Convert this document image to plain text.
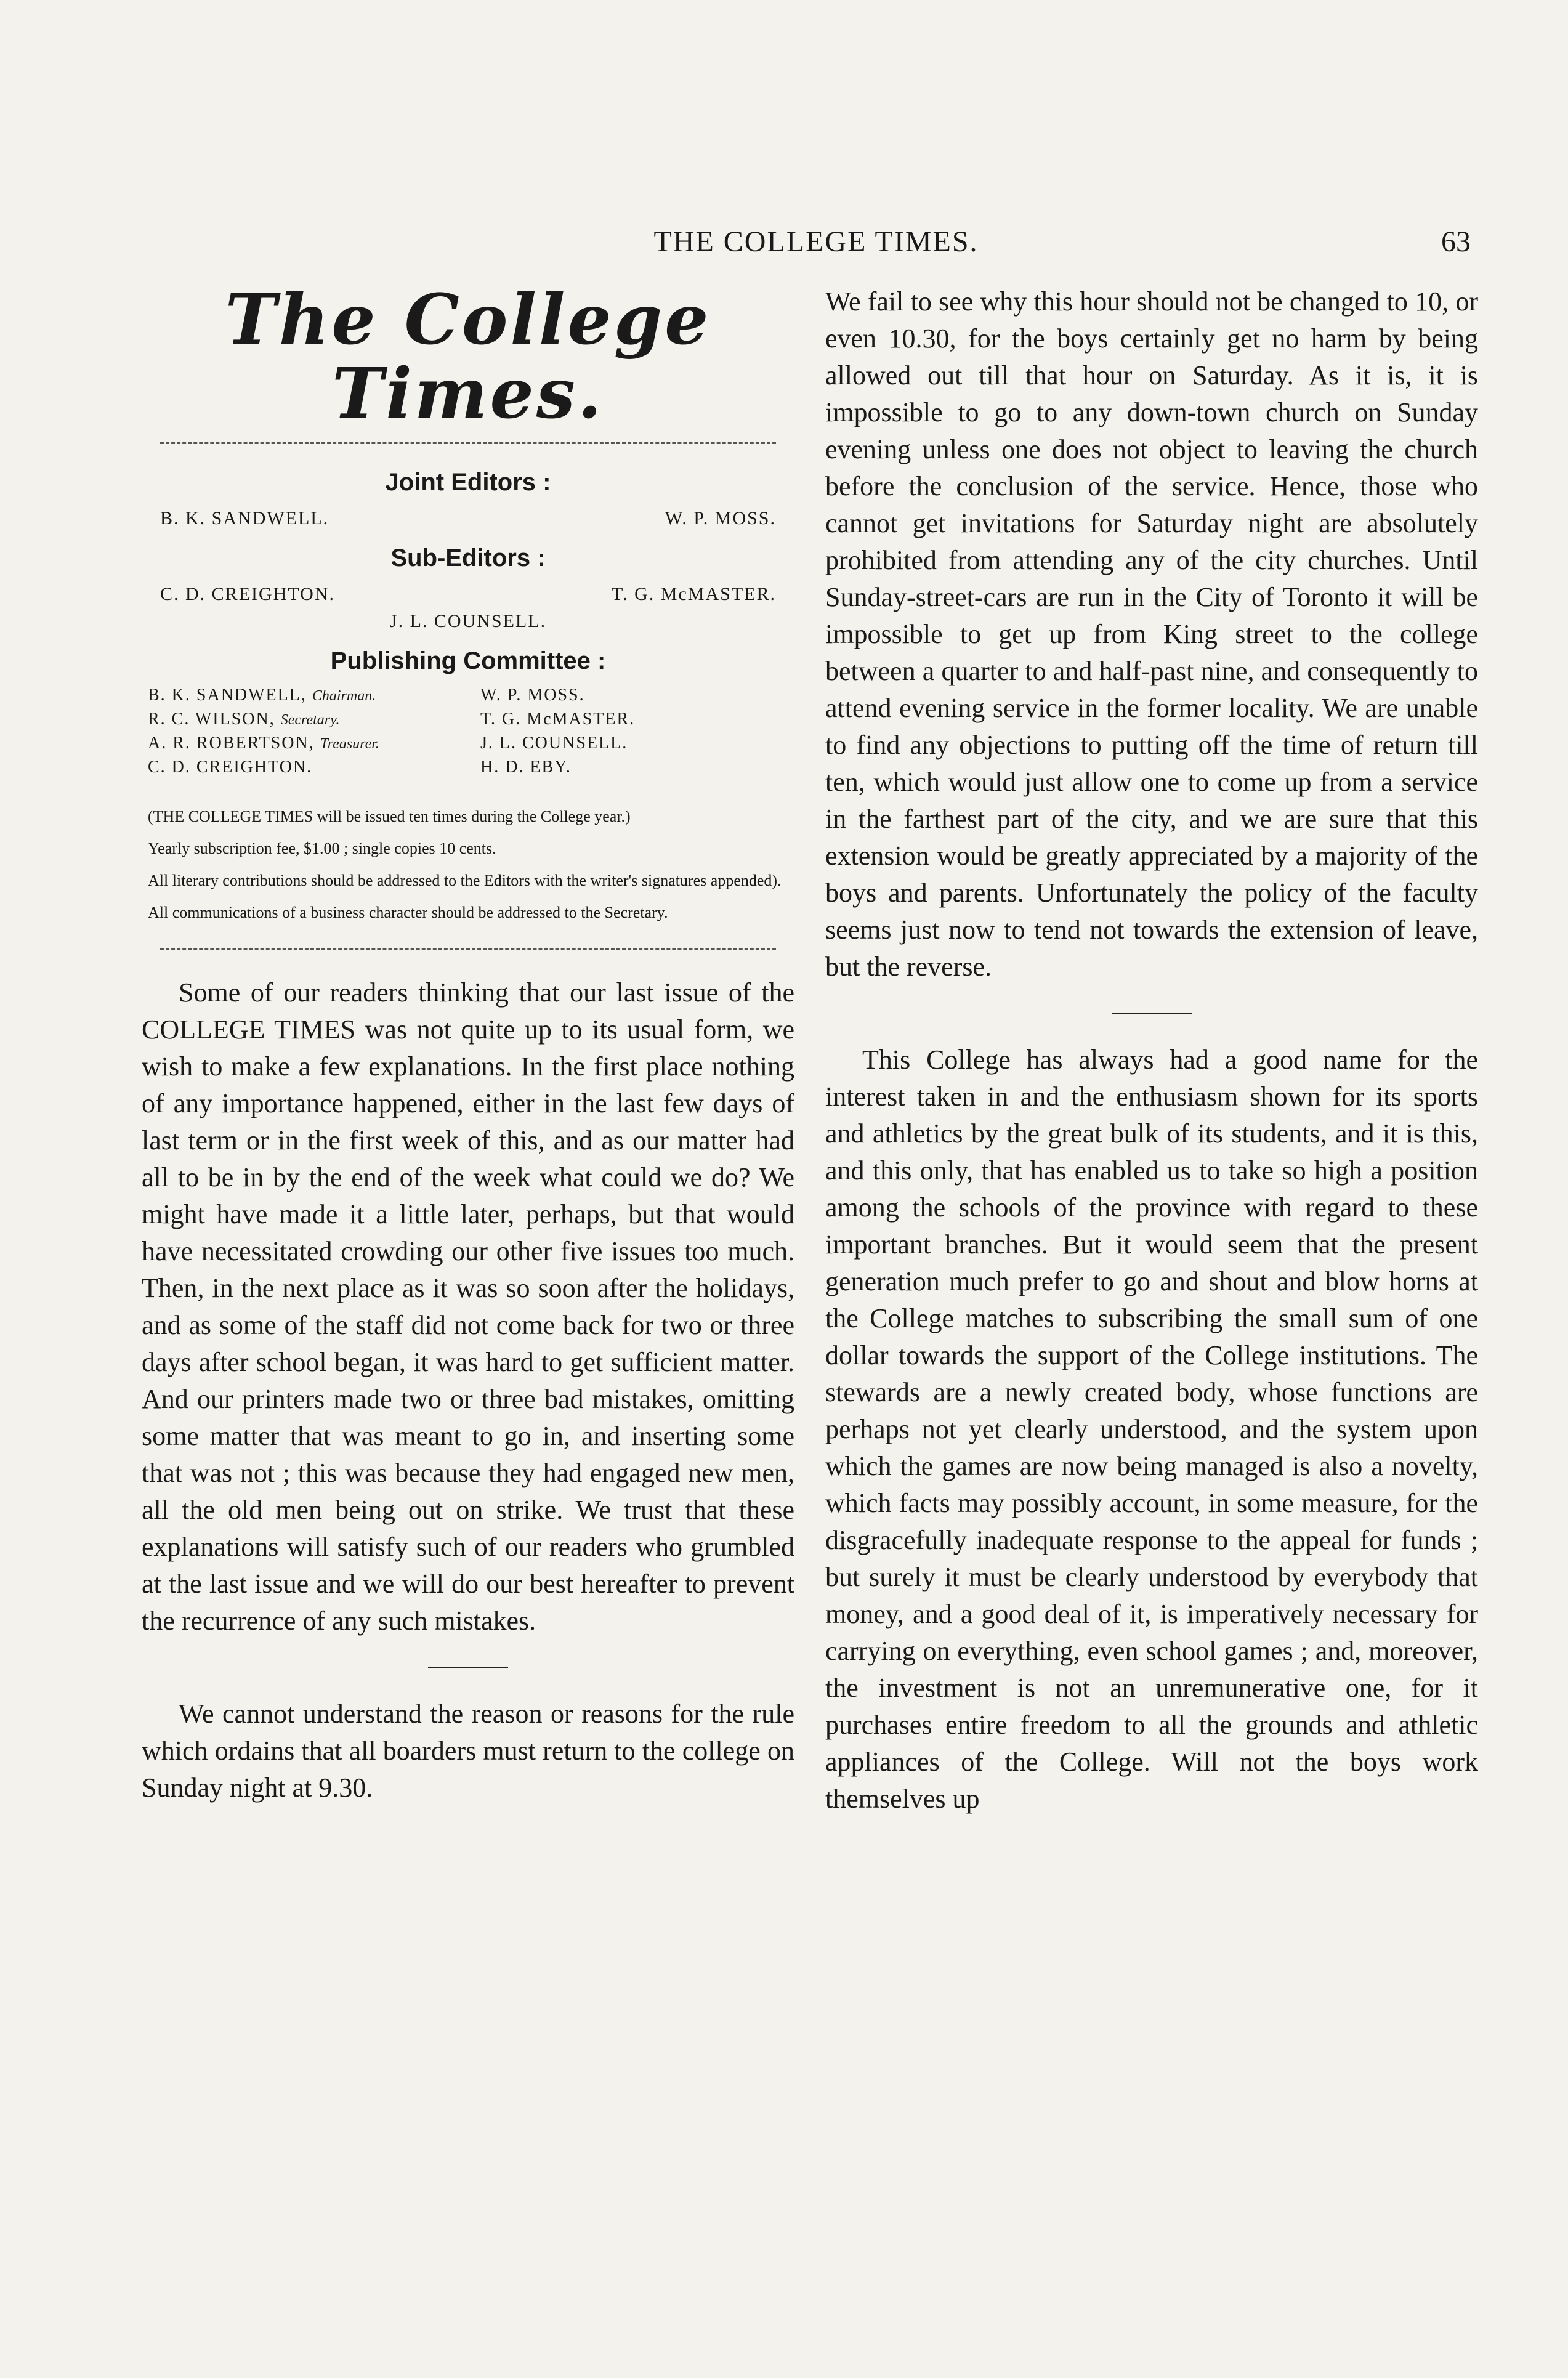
THE COLLEGE TIMES.	63
The College Times.
Joint Editors :
B. K. SANDWELL.	W. P. MOSS.
Sub-Editors :
C. D. CREIGHTON.	T. G. McMASTER.
J. L. COUNSELL.
Publishing Committee :
B. K. SANDWELL, Chairman.	W. P. MOSS.
R. C. WILSON, Secretary.	T. G. McMASTER.
A. R. ROBERTSON, Treasurer.	J. L. COUNSELL.
C. D. CREIGHTON.	H. D. EBY.

(THE COLLEGE TIMES will be issued ten times during the College year.)

Yearly subscription fee, $1.00 ; single copies 10 cents.

All literary contributions should be addressed to the Editors with the writer's signatures appended).

All communications of a business character should be addressed to the Secretary.

Some of our readers thinking that our last issue of the COLLEGE TIMES was not quite up to its usual form, we wish to make a few explanations. In the first place nothing of any importance happened, either in the last few days of last term or in the first week of this, and as our matter had all to be in by the end of the week what could we do? We might have made it a little later, perhaps, but that would have necessitated crowding our other five issues too much. Then, in the next place as it was so soon after the holidays, and as some of the staff did not come back for two or three days after school began, it was hard to get sufficient matter. And our printers made two or three bad mistakes, omitting some matter that was meant to go in, and inserting some that was not ; this was because they had engaged new men, all the old men being out on strike. We trust that these explanations will satisfy such of our readers who grumbled at the last issue and we will do our best hereafter to prevent the recurrence of any such mistakes.

We cannot understand the reason or reasons for the rule which ordains that all boarders must return to the college on Sunday night at 9.30.

We fail to see why this hour should not be changed to 10, or even 10.30, for the boys certainly get no harm by being allowed out till that hour on Saturday. As it is, it is impossible to go to any down-town church on Sunday evening unless one does not object to leaving the church before the conclusion of the service. Hence, those who cannot get invitations for Saturday night are absolutely prohibited from attending any of the city churches. Until Sunday-street-cars are run in the City of Toronto it will be impossible to get up from King street to the college between a quarter to and half-past nine, and consequently to attend evening service in the former locality. We are unable to find any objections to putting off the time of return till ten, which would just allow one to come up from a service in the farthest part of the city, and we are sure that this extension would be greatly appreciated by a majority of the boys and parents. Unfortunately the policy of the faculty seems just now to tend not towards the extension of leave, but the reverse.

This College has always had a good name for the interest taken in and the enthusiasm shown for its sports and athletics by the great bulk of its students, and it is this, and this only, that has enabled us to take so high a position among the schools of the province with regard to these important branches. But it would seem that the present generation much prefer to go and shout and blow horns at the College matches to subscribing the small sum of one dollar towards the support of the College institutions. The stewards are a newly created body, whose functions are perhaps not yet clearly understood, and the system upon which the games are now being managed is also a novelty, which facts may possibly account, in some measure, for the disgracefully inadequate response to the appeal for funds ; but surely it must be clearly understood by everybody that money, and a good deal of it, is imperatively necessary for carrying on everything, even school games ; and, moreover, the investment is not an unremunerative one, for it purchases entire freedom to all the grounds and athletic appliances of the College. Will not the boys work themselves up
